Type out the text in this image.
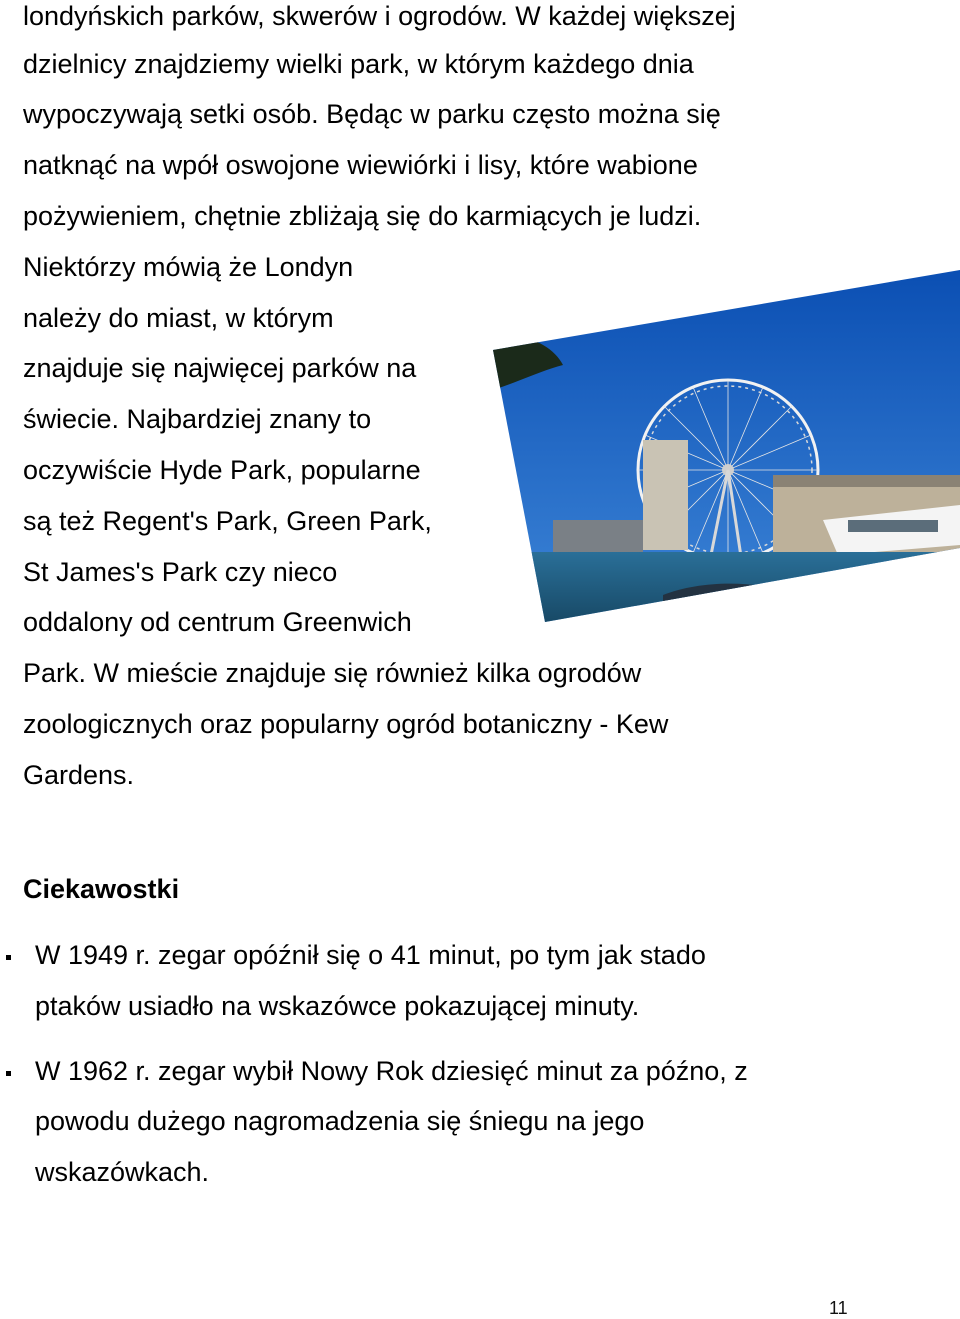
londyńskich parków, skwerów i ogrodów. W każdej większej

dzielnicy znajdziemy wielki park, w którym każdego dnia

wypoczywają setki osób. Będąc w parku często można się

natknąć na wpół oswojone wiewiórki i lisy, które wabione

pożywieniem, chętnie zbliżają się do karmiących je ludzi.

Niektórzy mówią że Londyn

należy do miast, w którym

znajduje się najwięcej parków na

świecie. Najbardziej znany to

oczywiście Hyde Park, popularne

są też Regent's Park, Green Park,

St James's Park czy nieco

oddalony od centrum Greenwich

Park. W mieście znajduje się również kilka ogrodów

zoologicznych oraz popularny ogród botaniczny - Kew

Gardens.

Ciekawostki

W 1949 r. zegar opóźnił się o 41 minut, po tym jak stado

ptaków usiadło na wskazówce pokazującej minuty.

W 1962 r. zegar wybił Nowy Rok dziesięć minut za późno, z

powodu dużego nagromadzenia się śniegu na jego

wskazówkach.

11
